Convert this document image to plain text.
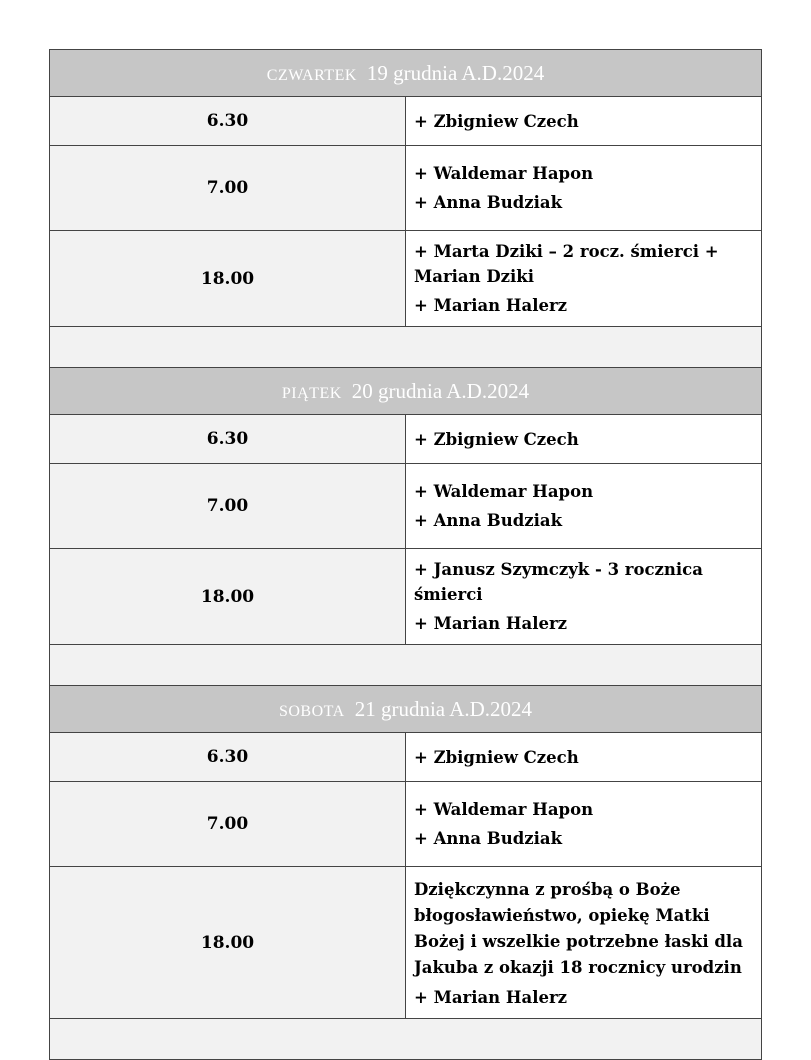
CZWARTEK 19 grudnia A.D.2024	
6.30	+ Zbigniew Czech

7.00	+ Waldemar Hapon
+ Anna Budziak

18.00	+ Marta Dziki – 2 rocz. śmierci + Marian Dziki
+ Marian Halerz

PIĄTEK 20 grudnia A.D.2024	
6.30	+ Zbigniew Czech

7.00	+ Waldemar Hapon
+ Anna Budziak

18.00	+ Janusz Szymczyk - 3 rocznica śmierci
+ Marian Halerz

SOBOTA 21 grudnia A.D.2024	
6.30	+ Zbigniew Czech

7.00	+ Waldemar Hapon
+ Anna Budziak

18.00	Dziękczynna z prośbą o Boże błogosławieństwo, opiekę Matki Bożej i wszelkie potrzebne łaski dla Jakuba z okazji 18 rocznicy urodzin
+ Marian Halerz
